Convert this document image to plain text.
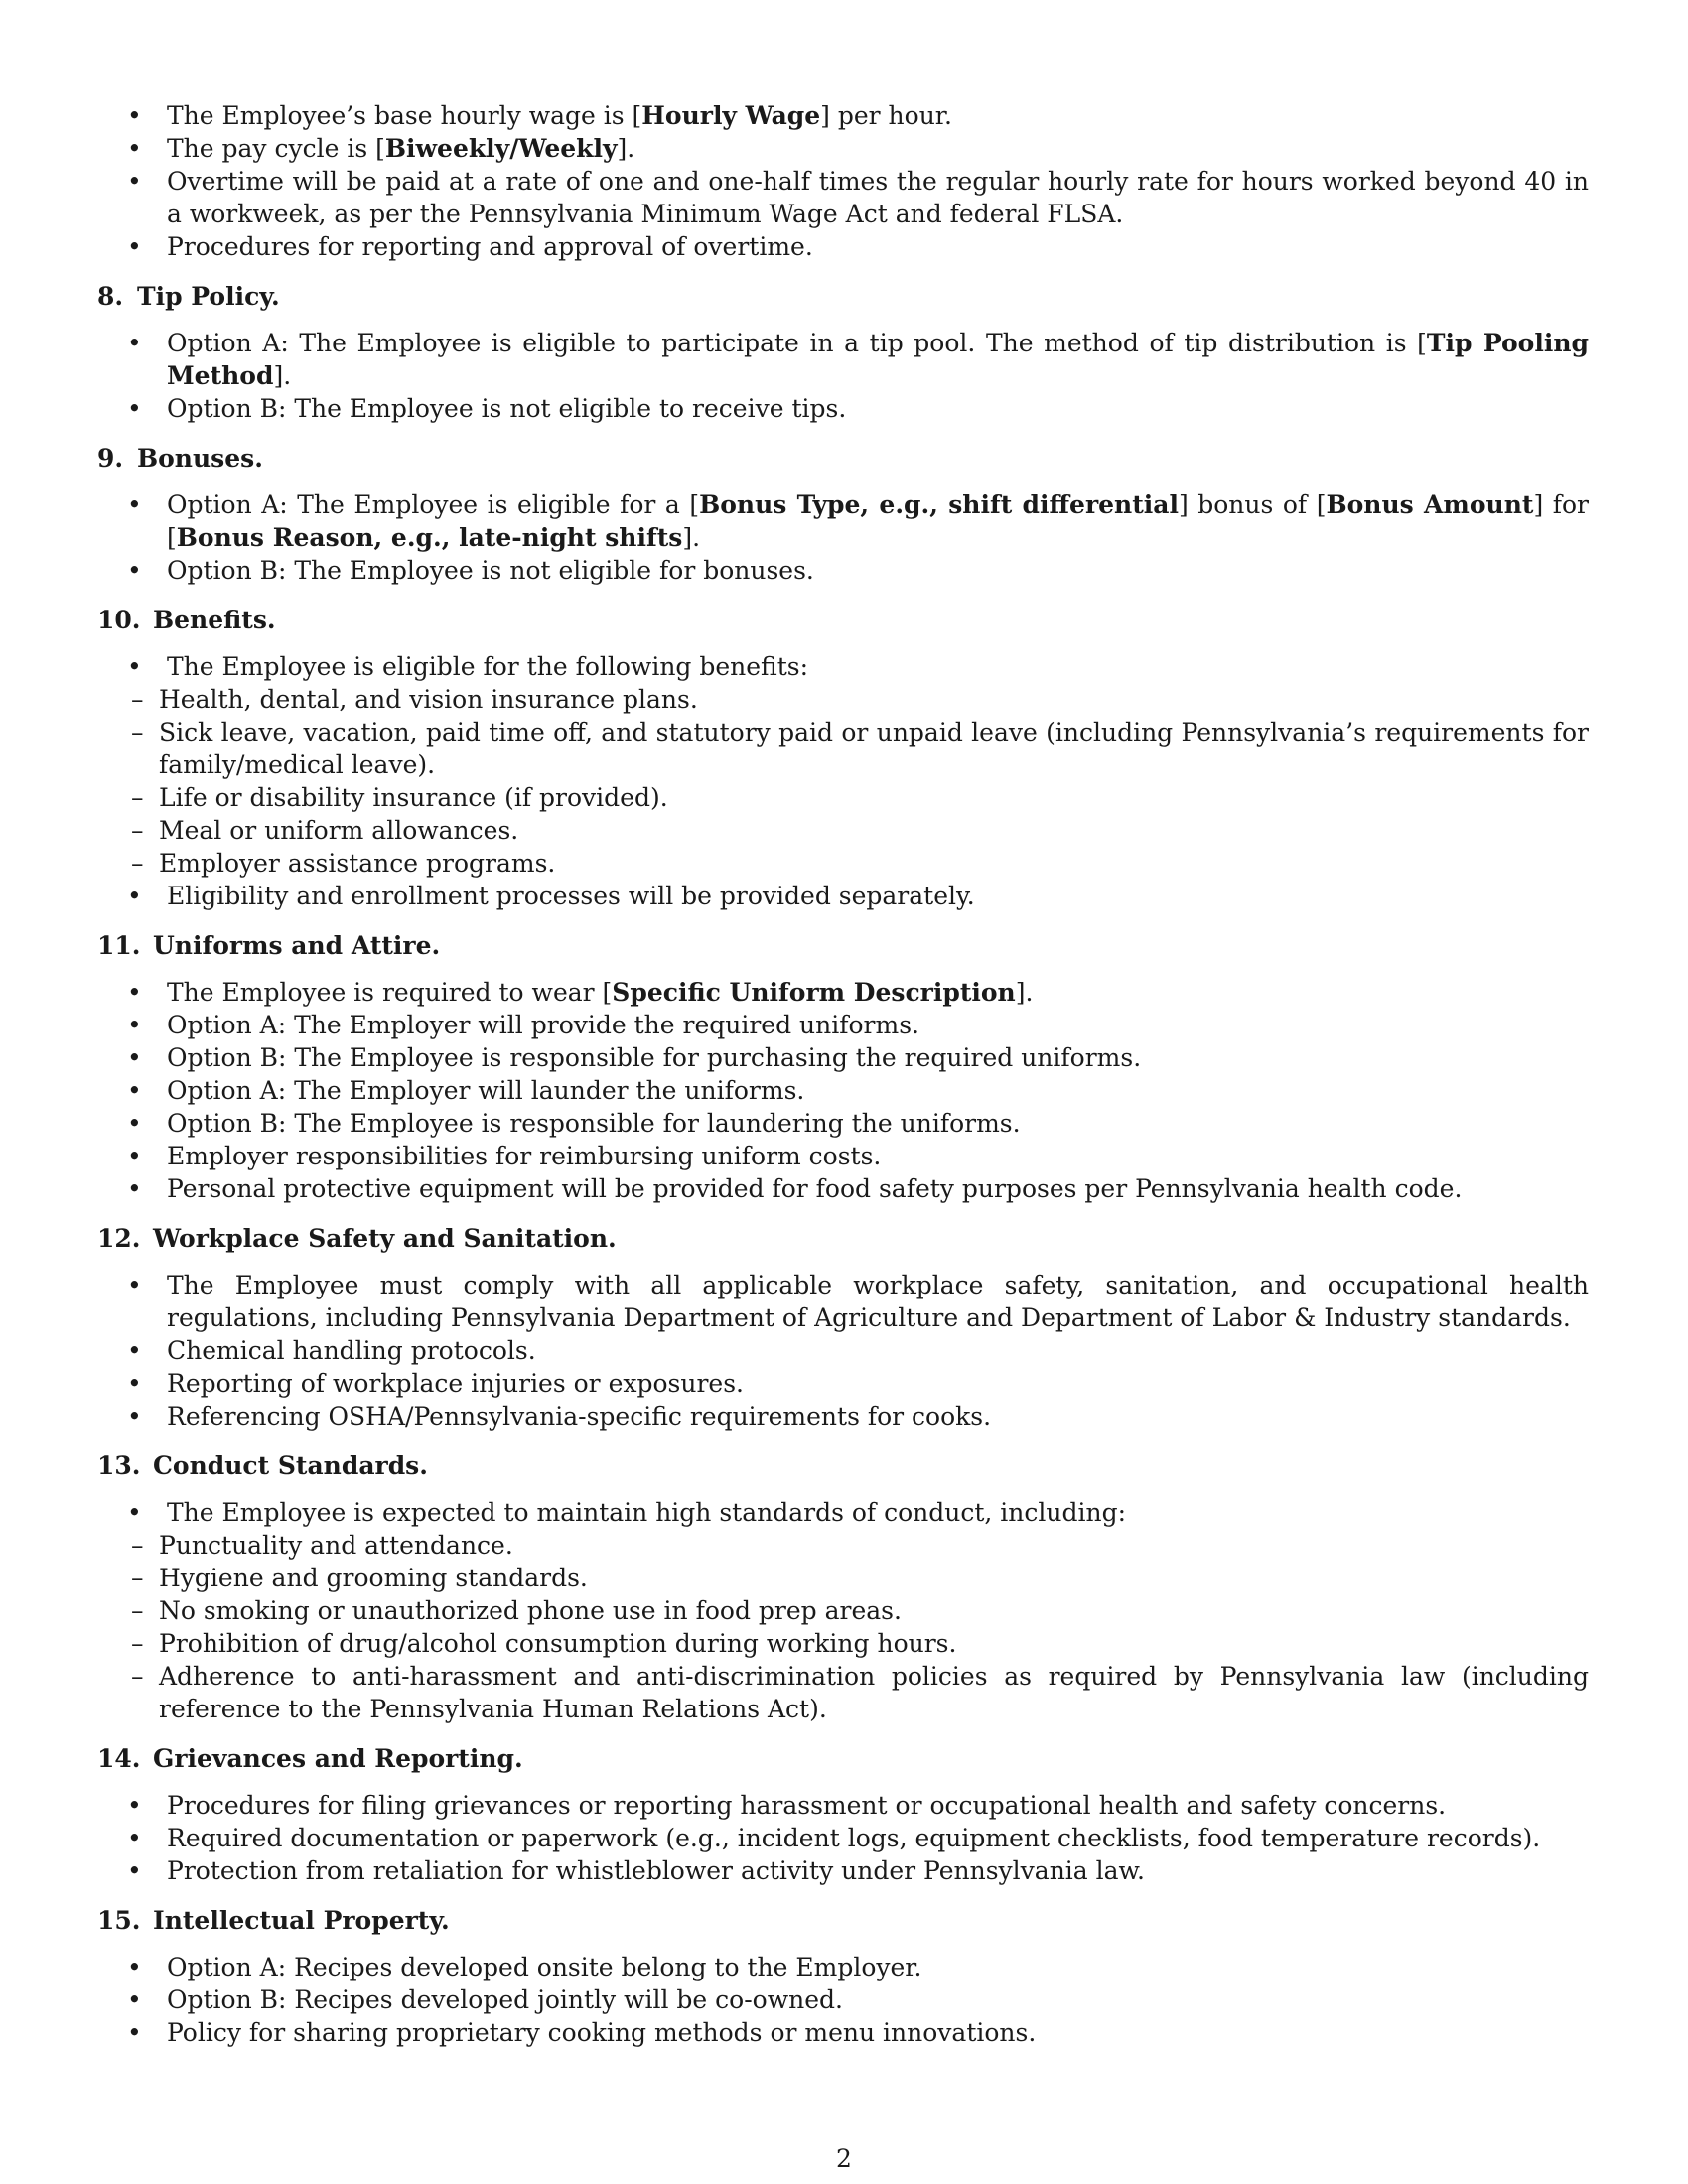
• The Employee’s base hourly wage is [Hourly Wage] per hour.
• The pay cycle is [Biweekly/Weekly].
• Overtime will be paid at a rate of one and one-half times the regular hourly rate for hours worked beyond 40 in a workweek, as per the Pennsylvania Minimum Wage Act and federal FLSA.
• Procedures for reporting and approval of overtime.
8. Tip Policy.
• Option A: The Employee is eligible to participate in a tip pool. The method of tip distribution is [Tip Pooling Method].
• Option B: The Employee is not eligible to receive tips.
9. Bonuses.
• Option A: The Employee is eligible for a [Bonus Type, e.g., shift differential] bonus of [Bonus Amount] for [Bonus Reason, e.g., late-night shifts].
• Option B: The Employee is not eligible for bonuses.
10. Benefits.
• The Employee is eligible for the following benefits:
– Health, dental, and vision insurance plans.
– Sick leave, vacation, paid time off, and statutory paid or unpaid leave (including Pennsylvania’s requirements for family/medical leave).
– Life or disability insurance (if provided).
– Meal or uniform allowances.
– Employer assistance programs.
• Eligibility and enrollment processes will be provided separately.
11. Uniforms and Attire.
• The Employee is required to wear [Specific Uniform Description].
• Option A: The Employer will provide the required uniforms.
• Option B: The Employee is responsible for purchasing the required uniforms.
• Option A: The Employer will launder the uniforms.
• Option B: The Employee is responsible for laundering the uniforms.
• Employer responsibilities for reimbursing uniform costs.
• Personal protective equipment will be provided for food safety purposes per Pennsylvania health code.
12. Workplace Safety and Sanitation.
• The Employee must comply with all applicable workplace safety, sanitation, and occupational health regulations, including Pennsylvania Department of Agriculture and Department of Labor & Industry standards.
• Chemical handling protocols.
• Reporting of workplace injuries or exposures.
• Referencing OSHA/Pennsylvania-specific requirements for cooks.
13. Conduct Standards.
• The Employee is expected to maintain high standards of conduct, including:
– Punctuality and attendance.
– Hygiene and grooming standards.
– No smoking or unauthorized phone use in food prep areas.
– Prohibition of drug/alcohol consumption during working hours.
– Adherence to anti-harassment and anti-discrimination policies as required by Pennsylvania law (including reference to the Pennsylvania Human Relations Act).
14. Grievances and Reporting.
• Procedures for filing grievances or reporting harassment or occupational health and safety concerns.
• Required documentation or paperwork (e.g., incident logs, equipment checklists, food temperature records).
• Protection from retaliation for whistleblower activity under Pennsylvania law.
15. Intellectual Property.
• Option A: Recipes developed onsite belong to the Employer.
• Option B: Recipes developed jointly will be co-owned.
• Policy for sharing proprietary cooking methods or menu innovations.
2
